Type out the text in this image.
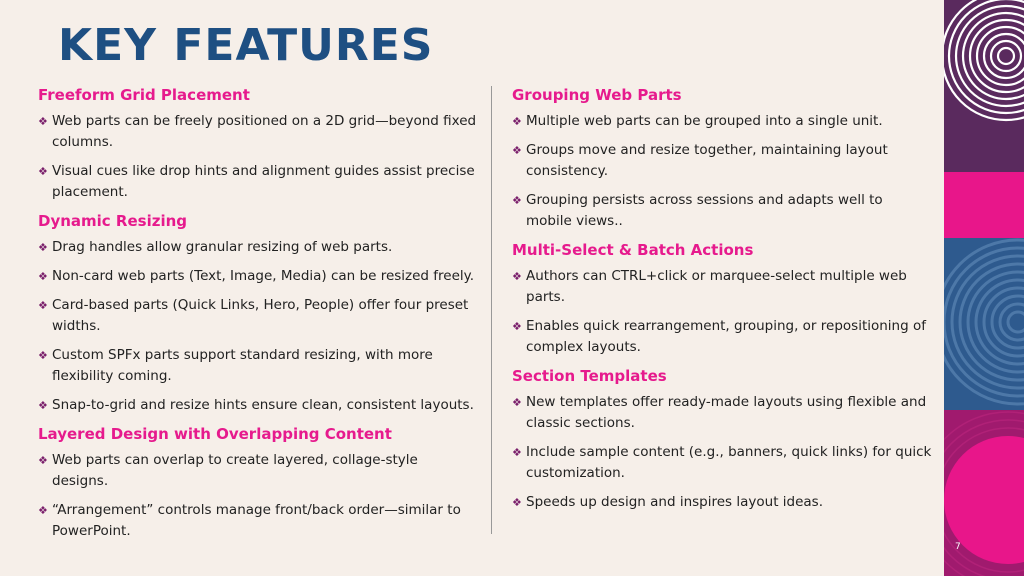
KEY FEATURES
Freeform Grid Placement
❖ Web parts can be freely positioned on a 2D grid—beyond fixed columns.
❖ Visual cues like drop hints and alignment guides assist precise placement.
Dynamic Resizing
❖ Drag handles allow granular resizing of web parts.
❖ Non-card web parts (Text, Image, Media) can be resized freely.
❖ Card-based parts (Quick Links, Hero, People) offer four preset widths.
❖ Custom SPFx parts support standard resizing, with more flexibility coming.
❖ Snap-to-grid and resize hints ensure clean, consistent layouts.
Layered Design with Overlapping Content
❖ Web parts can overlap to create layered, collage-style designs.
❖ “Arrangement” controls manage front/back order—similar to PowerPoint.
Grouping Web Parts
❖ Multiple web parts can be grouped into a single unit.
❖ Groups move and resize together, maintaining layout consistency.
❖ Grouping persists across sessions and adapts well to mobile views..
Multi-Select & Batch Actions
❖ Authors can CTRL+click or marquee-select multiple web parts.
❖ Enables quick rearrangement, grouping, or repositioning of complex layouts.
Section Templates
❖ New templates offer ready-made layouts using flexible and classic sections.
❖ Include sample content (e.g., banners, quick links) for quick customization.
❖ Speeds up design and inspires layout ideas.
7
